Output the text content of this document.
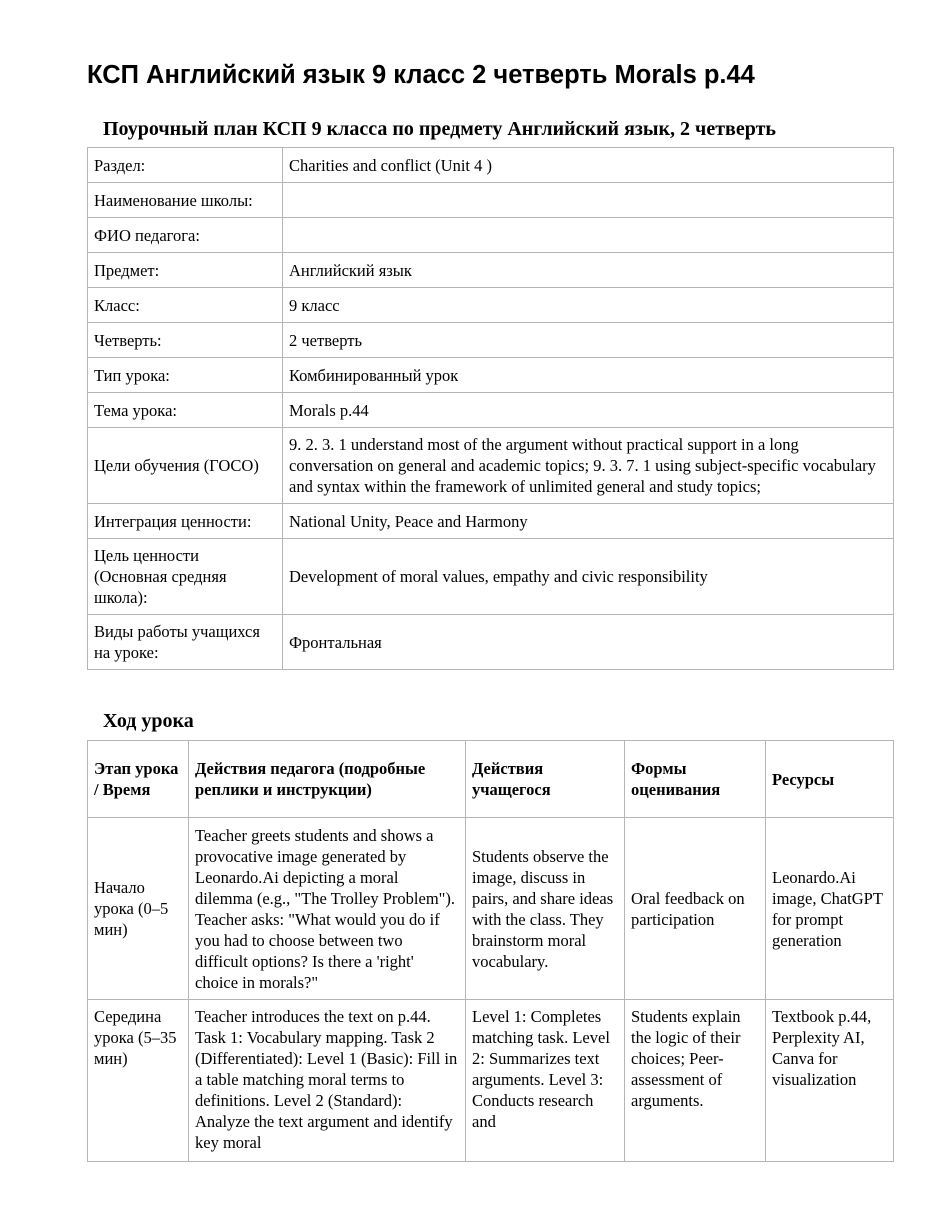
КСП Английский язык 9 класс 2 четверть Morals p.44
Поурочный план КСП 9 класса по предмету Английский язык, 2 четверть
Раздел:	Charities and conflict (Unit 4 )
Наименование школы:	
ФИО педагога:	
Предмет:	Английский язык
Класс:	9 класс
Четверть:	2 четверть
Тип урока:	Комбинированный урок
Тема урока:	Morals p.44
Цели обучения (ГОСО)	9. 2. 3. 1 understand most of the argument without practical support in a long conversation on general and academic topics; 9. 3. 7. 1 using subject-specific vocabulary and syntax within the framework of unlimited general and study topics;
Интеграция ценности:	National Unity, Peace and Harmony
Цель ценности (Основная средняя школа):	Development of moral values, empathy and civic responsibility
Виды работы учащихся на уроке:	Фронтальная
Ход урока
Этап урока / Время	Действия педагога (подробные реплики и инструкции)	Действия учащегося	Формы оценивания	Ресурсы
Начало урока (0–5 мин)	Teacher greets students and shows a provocative image generated by Leonardo.Ai depicting a moral dilemma (e.g., "The Trolley Problem"). Teacher asks: "What would you do if you had to choose between two difficult options? Is there a 'right' choice in morals?"	Students observe the image, discuss in pairs, and share ideas with the class. They brainstorm moral vocabulary.	Oral feedback on participation	Leonardo.Ai image, ChatGPT for prompt generation
Середина урока (5–35 мин)	Teacher introduces the text on p.44. Task 1: Vocabulary mapping. Task 2 (Differentiated): Level 1 (Basic): Fill in a table matching moral terms to definitions. Level 2 (Standard): Analyze the text argument and identify key moral	Level 1: Completes matching task. Level 2: Summarizes text arguments. Level 3: Conducts research and	Students explain the logic of their choices; Peer-assessment of arguments.	Textbook p.44, Perplexity AI, Canva for visualization
